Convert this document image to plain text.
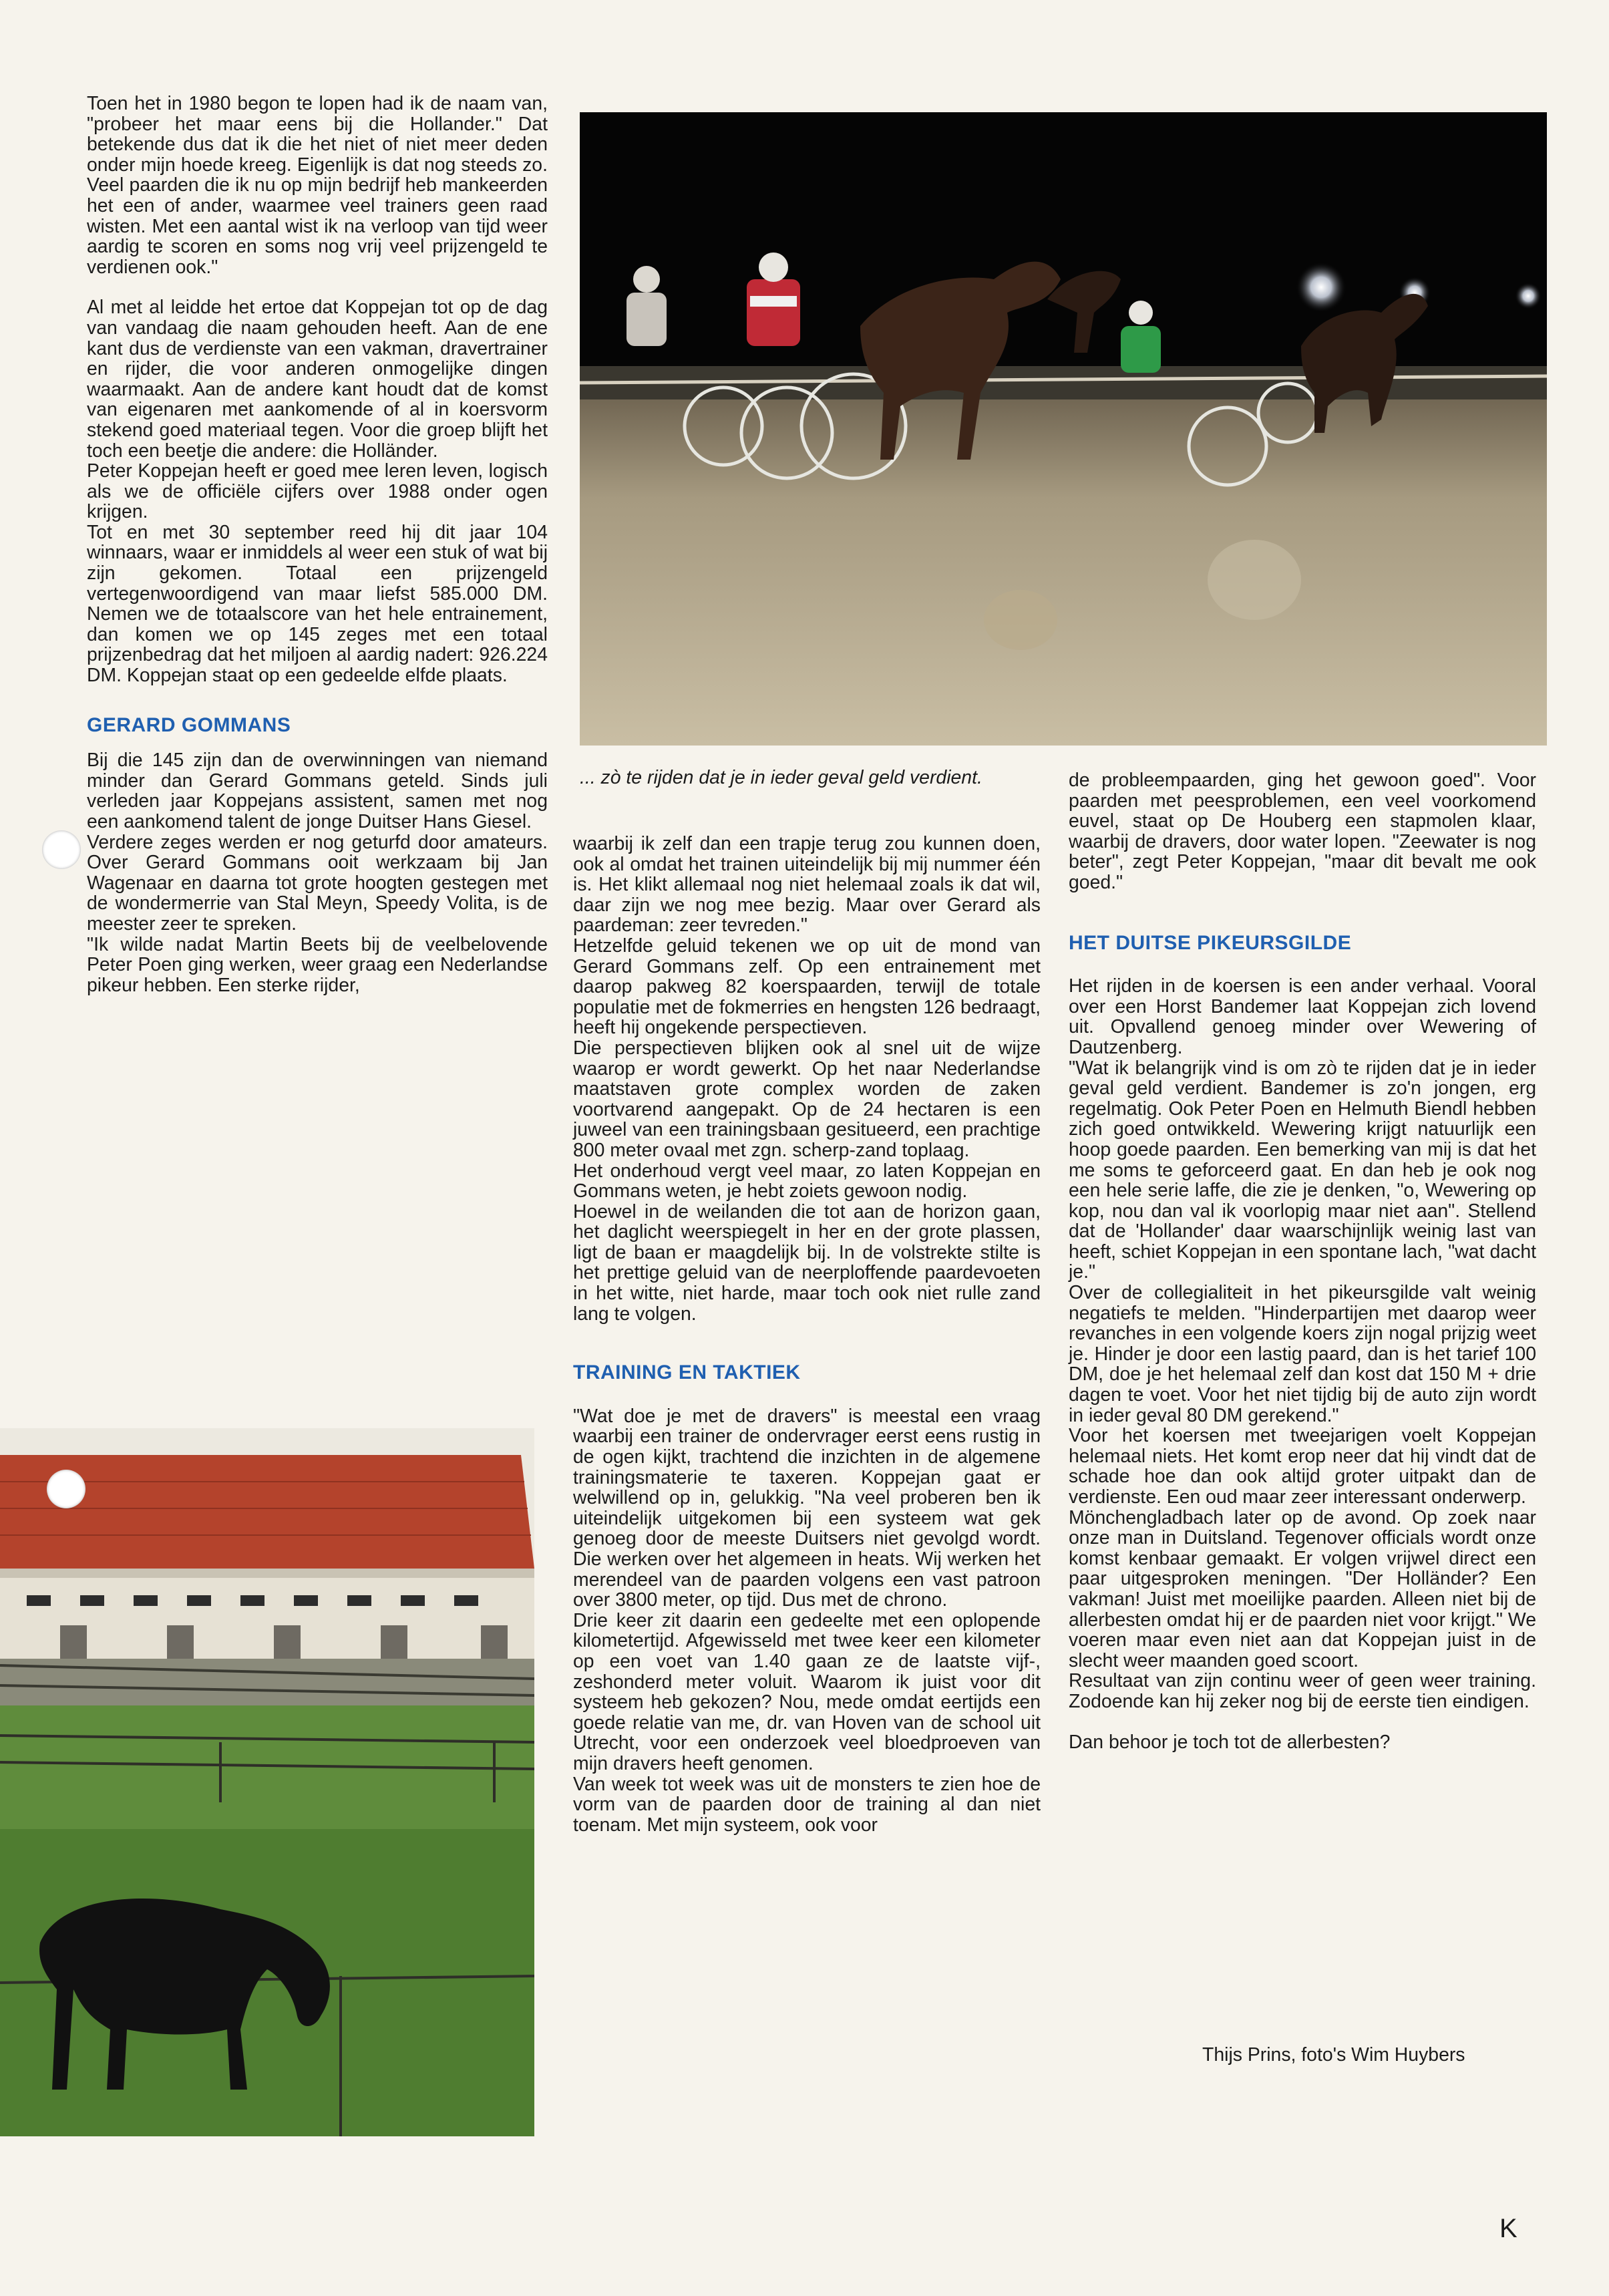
Toen het in 1980 begon te lopen had ik de naam van, "probeer het maar eens bij die Hollander." Dat betekende dus dat ik die het niet of niet meer deden onder mijn hoede kreeg. Eigenlijk is dat nog steeds zo. Veel paarden die ik nu op mijn bedrijf heb mankeerden het een of ander, waarmee veel trainers geen raad wisten. Met een aantal wist ik na verloop van tijd weer aardig te scoren en soms nog vrij veel prijzengeld te verdienen ook."

Al met al leidde het ertoe dat Koppejan tot op de dag van vandaag die naam gehouden heeft. Aan de ene kant dus de verdienste van een vakman, dravertrainer en rijder, die voor anderen onmogelijke dingen waarmaakt. Aan de andere kant houdt dat de komst van eigenaren met aankomende of al in koersvorm stekend goed materiaal tegen. Voor die groep blijft het toch een beetje die andere: die Holländer.

Peter Koppejan heeft er goed mee leren leven, logisch als we de officiële cijfers over 1988 onder ogen krijgen.

Tot en met 30 september reed hij dit jaar 104 winnaars, waar er inmiddels al weer een stuk of wat bij zijn gekomen. Totaal een prijzengeld vertegenwoordigend van maar liefst 585.000 DM. Nemen we de totaalscore van het hele entrainement, dan komen we op 145 zeges met een totaal prijzenbedrag dat het miljoen al aardig nadert: 926.224 DM. Koppejan staat op een gedeelde elfde plaats.

GERARD GOMMANS

Bij die 145 zijn dan de overwinningen van niemand minder dan Gerard Gommans geteld. Sinds juli verleden jaar Koppejans assistent, samen met nog een aankomend talent de jonge Duitser Hans Giesel.

Verdere zeges werden er nog geturfd door amateurs. Over Gerard Gommans ooit werkzaam bij Jan Wagenaar en daarna tot grote hoogten gestegen met de wondermerrie van Stal Meyn, Speedy Volita, is de meester zeer te spreken.

"Ik wilde nadat Martin Beets bij de veelbelovende Peter Poen ging werken, weer graag een Nederlandse pikeur hebben. Een sterke rijder,

... zò te rijden dat je in ieder geval geld verdient.

waarbij ik zelf dan een trapje terug zou kunnen doen, ook al omdat het trainen uiteindelijk bij mij nummer één is. Het klikt allemaal nog niet helemaal zoals ik dat wil, daar zijn we nog mee bezig. Maar over Gerard als paardeman: zeer tevreden."

Hetzelfde geluid tekenen we op uit de mond van Gerard Gommans zelf. Op een entrainement met daarop pakweg 82 koerspaarden, terwijl de totale populatie met de fokmerries en hengsten 126 bedraagt, heeft hij ongekende perspectieven.

Die perspectieven blijken ook al snel uit de wijze waarop er wordt gewerkt. Op het naar Nederlandse maatstaven grote complex worden de zaken voortvarend aangepakt. Op de 24 hectaren is een juweel van een trainingsbaan gesitueerd, een prachtige 800 meter ovaal met zgn. scherp-zand toplaag.

Het onderhoud vergt veel maar, zo laten Koppejan en Gommans weten, je hebt zoiets gewoon nodig.

Hoewel in de weilanden die tot aan de horizon gaan, het daglicht weerspiegelt in her en der grote plassen, ligt de baan er maagdelijk bij. In de volstrekte stilte is het prettige geluid van de neerploffende paardevoeten in het witte, niet harde, maar toch ook niet rulle zand lang te volgen.

TRAINING EN TAKTIEK

"Wat doe je met de dravers" is meestal een vraag waarbij een trainer de ondervrager eerst eens rustig in de ogen kijkt, trachtend die inzichten in de algemene trainingsmaterie te taxeren. Koppejan gaat er welwillend op in, gelukkig. "Na veel proberen ben ik uiteindelijk uitgekomen bij een systeem wat gek genoeg door de meeste Duitsers niet gevolgd wordt. Die werken over het algemeen in heats. Wij werken het merendeel van de paarden volgens een vast patroon over 3800 meter, op tijd. Dus met de chrono.

Drie keer zit daarin een gedeelte met een oplopende kilometertijd. Afgewisseld met twee keer een kilometer op een voet van 1.40 gaan ze de laatste vijf-, zeshonderd meter voluit. Waarom ik juist voor dit systeem heb gekozen? Nou, mede omdat eertijds een goede relatie van me, dr. van Hoven van de school uit Utrecht, voor een onderzoek veel bloedproeven van mijn dravers heeft genomen.

Van week tot week was uit de monsters te zien hoe de vorm van de paarden door de training al dan niet toenam. Met mijn systeem, ook voor

de probleempaarden, ging het gewoon goed". Voor paarden met peesproblemen, een veel voorkomend euvel, staat op De Houberg een stapmolen klaar, waarbij de dravers, door water lopen. "Zeewater is nog beter", zegt Peter Koppejan, "maar dit bevalt me ook goed."

HET DUITSE PIKEURSGILDE

Het rijden in de koersen is een ander verhaal. Vooral over een Horst Bandemer laat Koppejan zich lovend uit. Opvallend genoeg minder over Wewering of Dautzenberg.

"Wat ik belangrijk vind is om zò te rijden dat je in ieder geval geld verdient. Bandemer is zo'n jongen, erg regelmatig. Ook Peter Poen en Helmuth Biendl hebben zich goed ontwikkeld. Wewering krijgt natuurlijk een hoop goede paarden. Een bemerking van mij is dat het me soms te geforceerd gaat. En dan heb je ook nog een hele serie laffe, die zie je denken, "o, Wewering op kop, nou dan val ik voorlopig maar niet aan". Stellend dat de 'Hollander' daar waarschijnlijk weinig last van heeft, schiet Koppejan in een spontane lach, "wat dacht je."

Over de collegialiteit in het pikeursgilde valt weinig negatiefs te melden. "Hinderpartijen met daarop weer revanches in een volgende koers zijn nogal prijzig weet je. Hinder je door een lastig paard, dan is het tarief 100 DM, doe je het helemaal zelf dan kost dat 150 M + drie dagen te voet. Voor het niet tijdig bij de auto zijn wordt in ieder geval 80 DM gerekend."

Voor het koersen met tweejarigen voelt Koppejan helemaal niets. Het komt erop neer dat hij vindt dat de schade hoe dan ook altijd groter uitpakt dan de verdienste. Een oud maar zeer interessant onderwerp.

Mönchengladbach later op de avond. Op zoek naar onze man in Duitsland. Tegenover officials wordt onze komst kenbaar gemaakt. Er volgen vrijwel direct een paar uitgesproken meningen. "Der Holländer? Een vakman! Juist met moeilijke paarden. Alleen niet bij de allerbesten omdat hij er de paarden niet voor krijgt." We voeren maar even niet aan dat Koppejan juist in de slecht weer maanden goed scoort.

Resultaat van zijn continu weer of geen weer training. Zodoende kan hij zeker nog bij de eerste tien eindigen.

Dan behoor je toch tot de allerbesten?

Thijs Prins, foto's Wim Huybers
K
